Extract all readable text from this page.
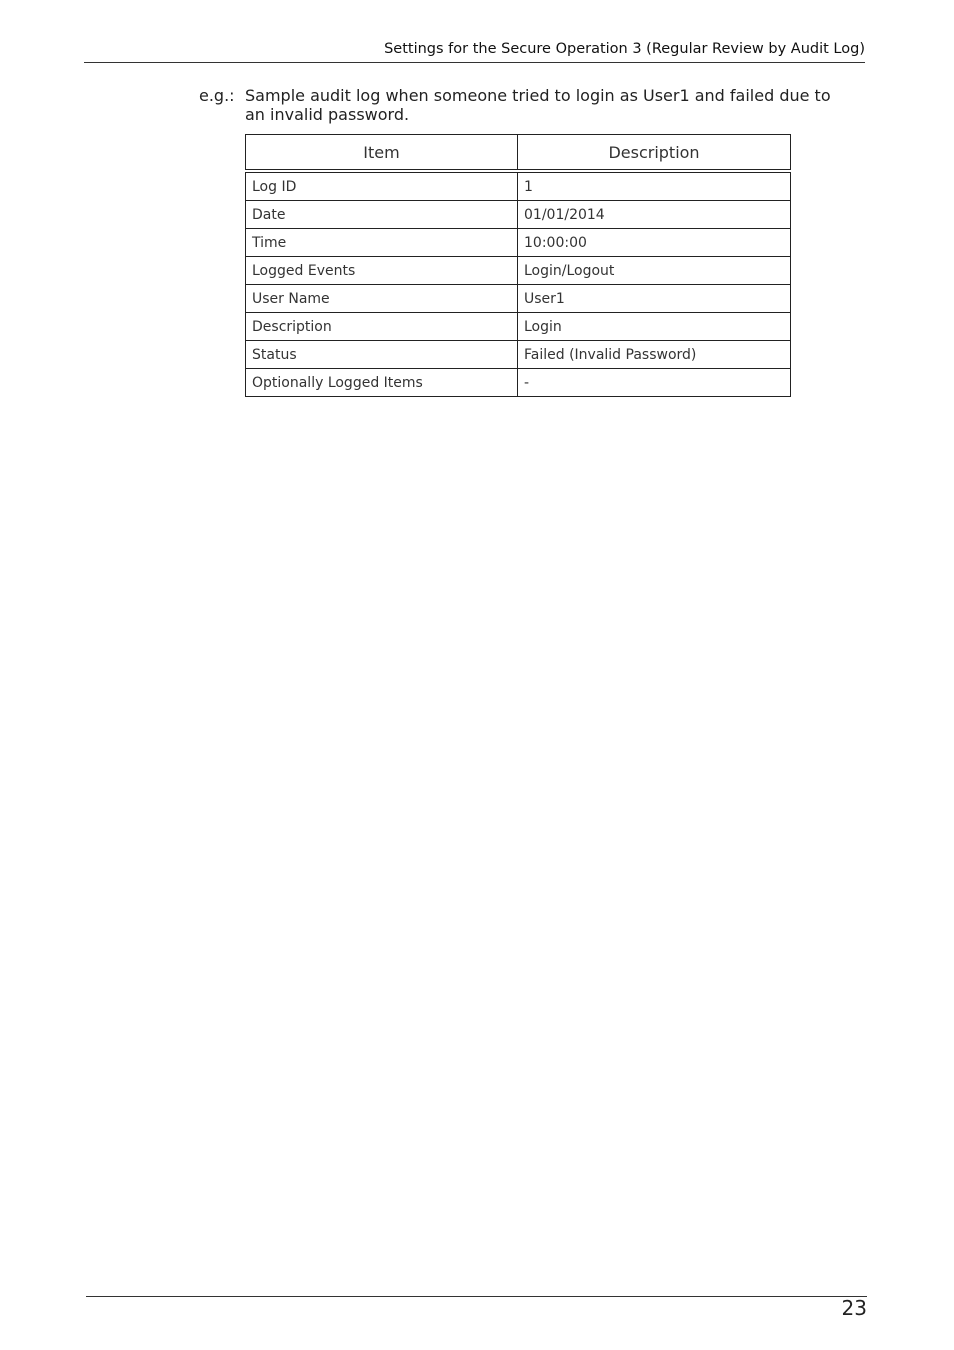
Settings for the Secure Operation 3 (Regular Review by Audit Log)
e.g.: Sample audit log when someone tried to login as User1 and failed due to an invalid password.
Item	Description
Log ID	1
Date	01/01/2014
Time	10:00:00
Logged Events	Login/Logout
User Name	User1
Description	Login
Status	Failed (Invalid Password)
Optionally Logged Items	-
23
